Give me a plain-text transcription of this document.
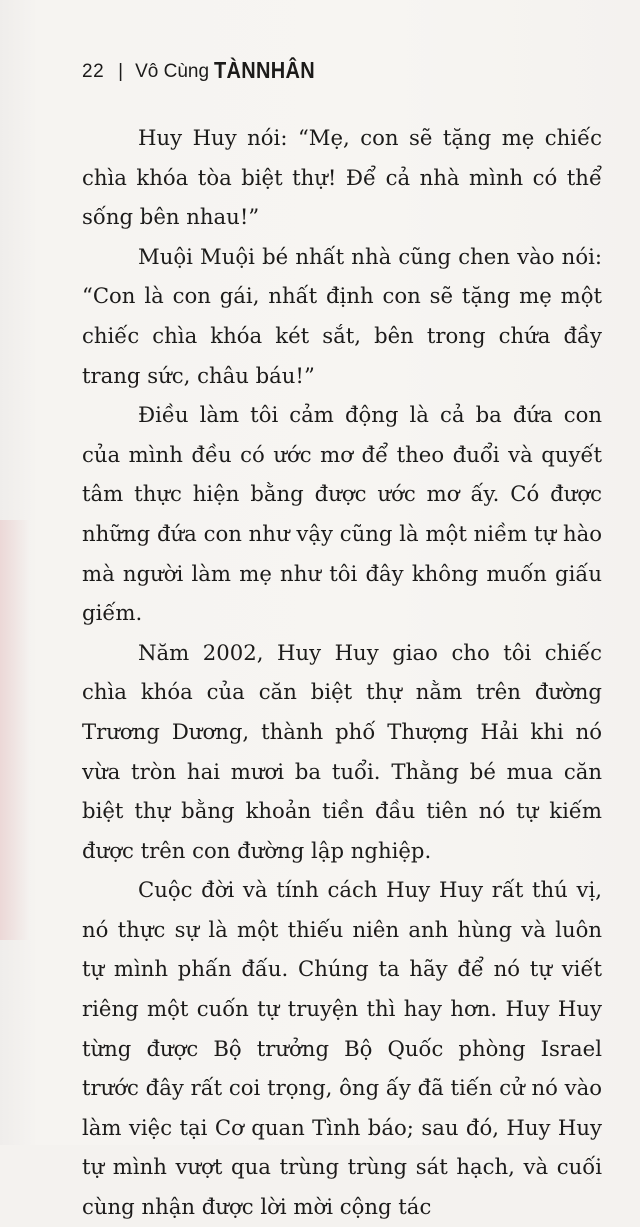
22 | Vô Cùng TÀNNHÂN

Huy Huy nói: “Mẹ, con sẽ tặng mẹ chiếc chìa khóa tòa biệt thự! Để cả nhà mình có thể sống bên nhau!”

Muội Muội bé nhất nhà cũng chen vào nói: “Con là con gái, nhất định con sẽ tặng mẹ một chiếc chìa khóa két sắt, bên trong chứa đầy trang sức, châu báu!”

Điều làm tôi cảm động là cả ba đứa con của mình đều có ước mơ để theo đuổi và quyết tâm thực hiện bằng được ước mơ ấy. Có được những đứa con như vậy cũng là một niềm tự hào mà người làm mẹ như tôi đây không muốn giấu giếm.

Năm 2002, Huy Huy giao cho tôi chiếc chìa khóa của căn biệt thự nằm trên đường Trương Dương, thành phố Thượng Hải khi nó vừa tròn hai mươi ba tuổi. Thằng bé mua căn biệt thự bằng khoản tiền đầu tiên nó tự kiếm được trên con đường lập nghiệp.

Cuộc đời và tính cách Huy Huy rất thú vị, nó thực sự là một thiếu niên anh hùng và luôn tự mình phấn đấu. Chúng ta hãy để nó tự viết riêng một cuốn tự truyện thì hay hơn. Huy Huy từng được Bộ trưởng Bộ Quốc phòng Israel trước đây rất coi trọng, ông ấy đã tiến cử nó vào làm việc tại Cơ quan Tình báo; sau đó, Huy Huy tự mình vượt qua trùng trùng sát hạch, và cuối cùng nhận được lời mời cộng tác
